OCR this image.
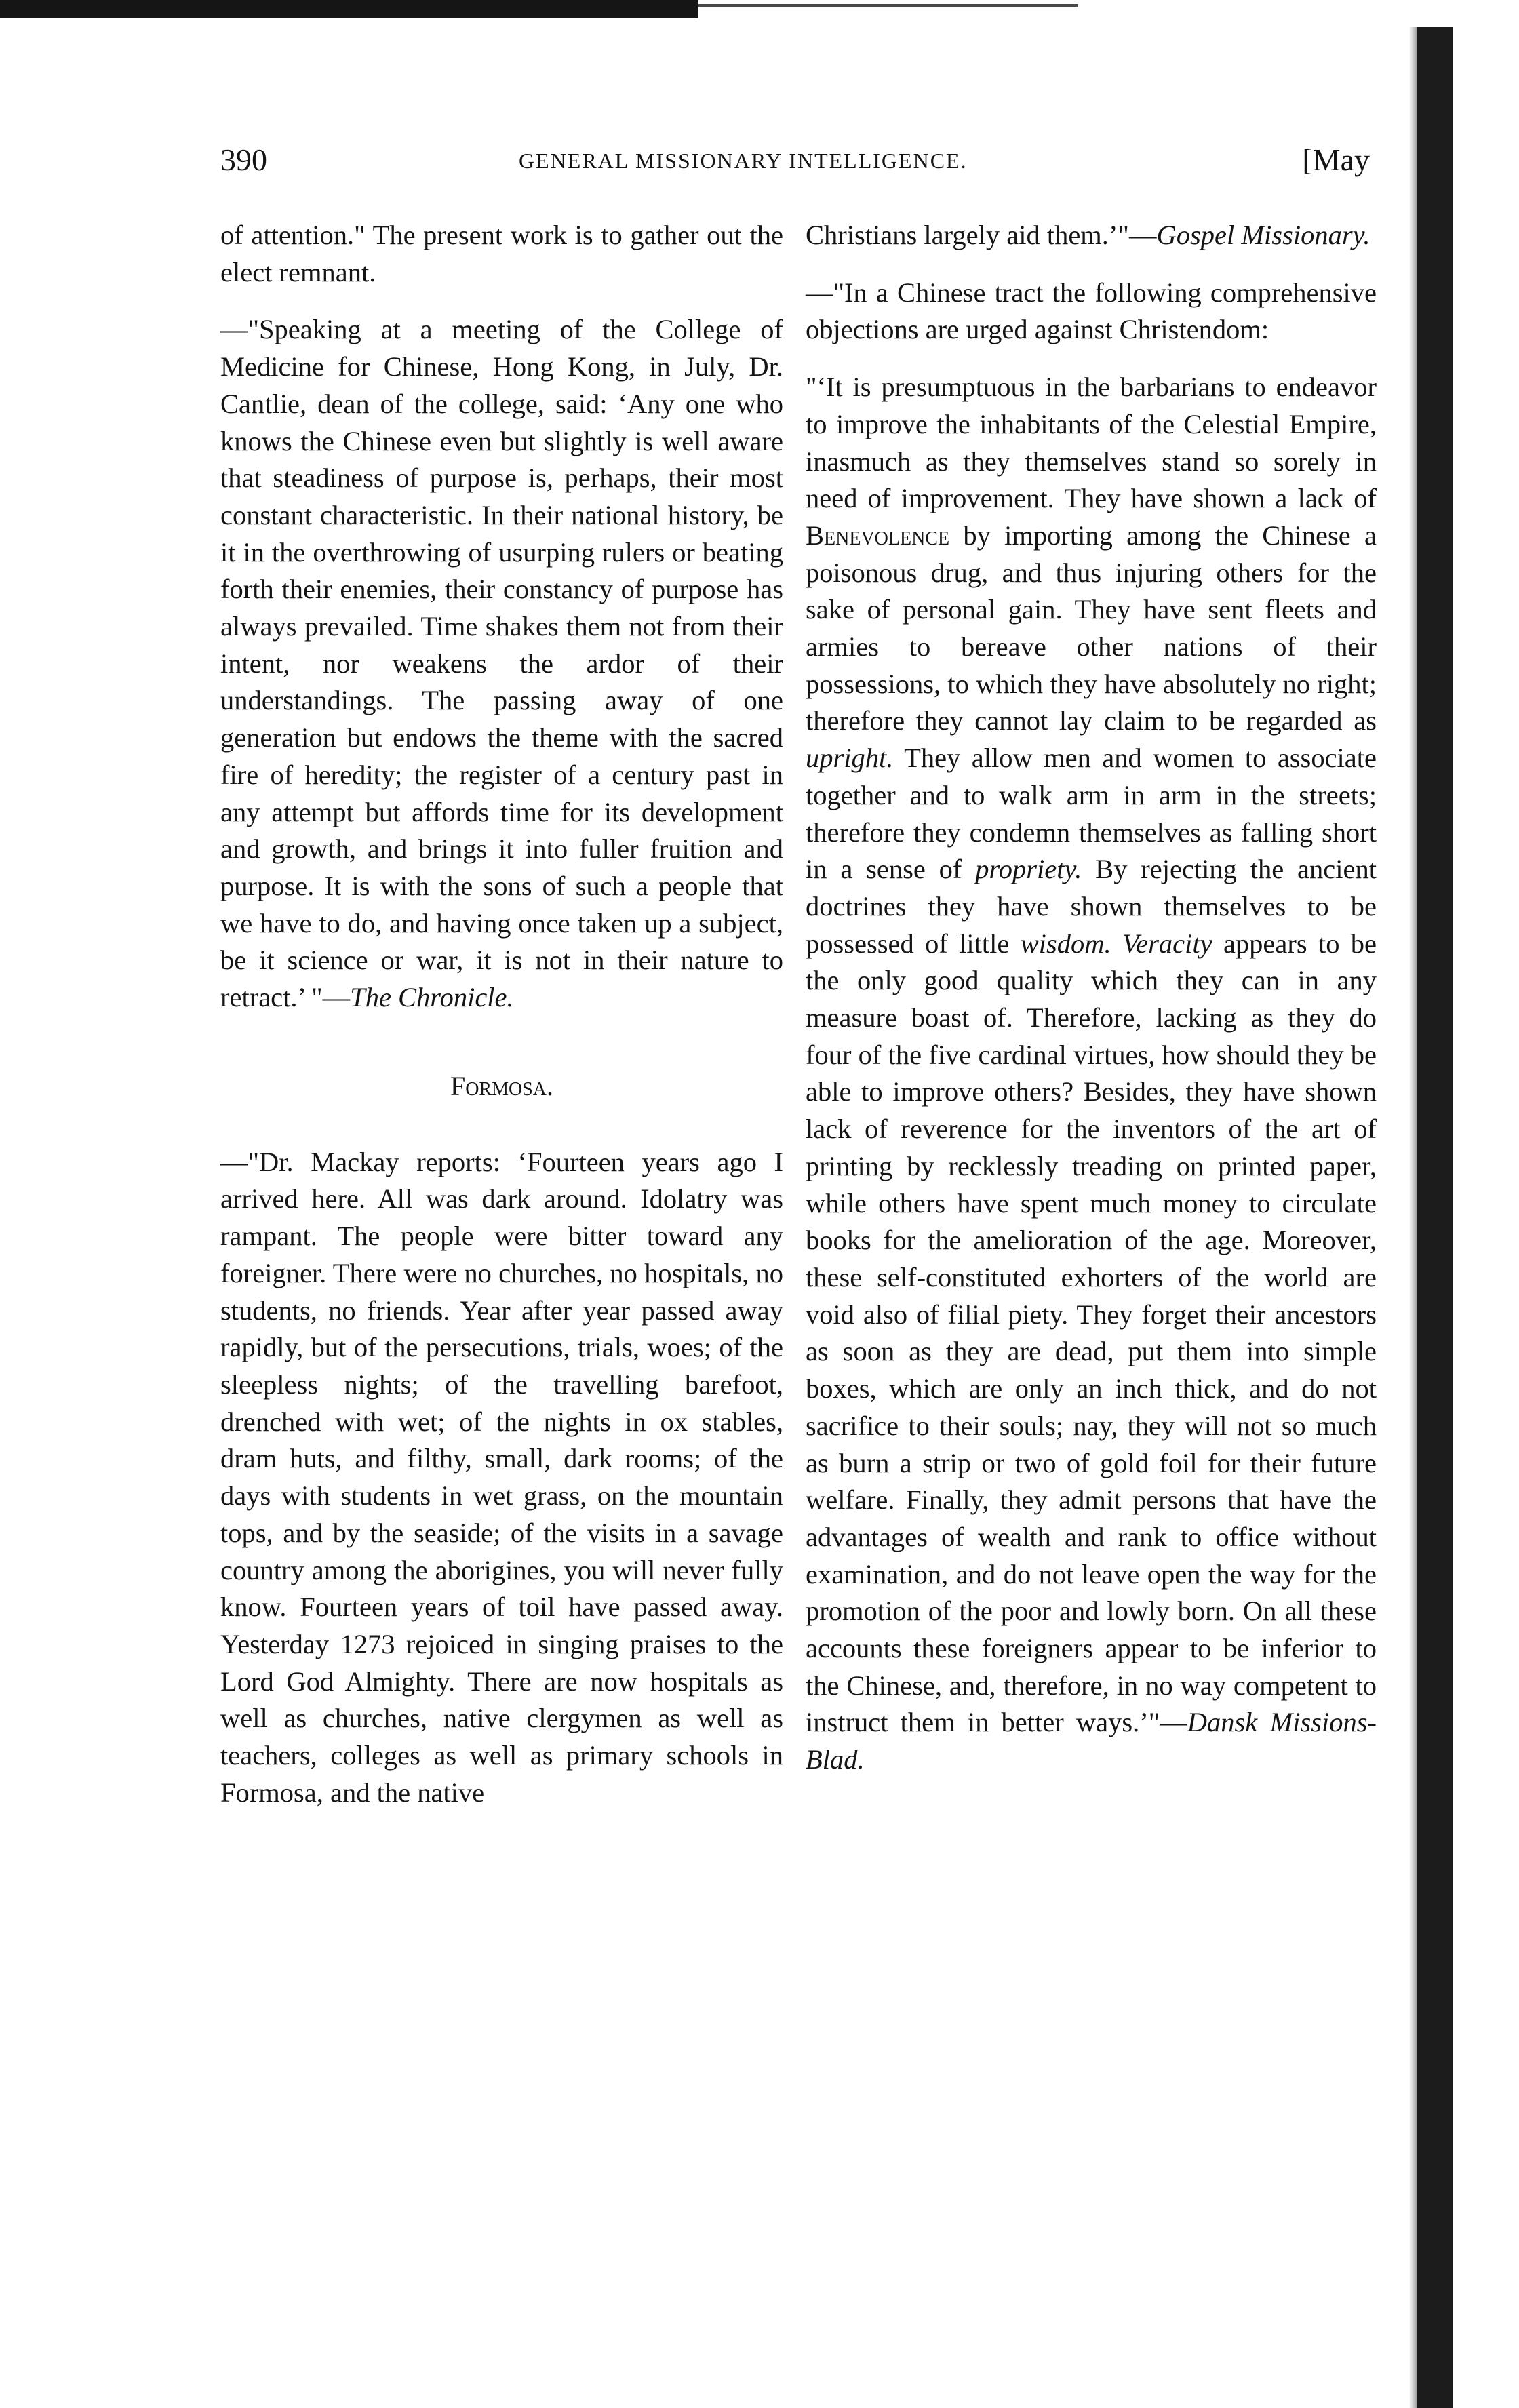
390	GENERAL MISSIONARY INTELLIGENCE.	[May

of attention." The present work is to gather out the elect remnant.

—"Speaking at a meeting of the College of Medicine for Chinese, Hong Kong, in July, Dr. Cantlie, dean of the college, said: ‘Any one who knows the Chinese even but slightly is well aware that steadiness of purpose is, perhaps, their most constant characteristic. In their national history, be it in the overthrowing of usurping rulers or beating forth their enemies, their constancy of purpose has always prevailed. Time shakes them not from their intent, nor weakens the ardor of their understandings. The passing away of one generation but endows the theme with the sacred fire of heredity; the register of a century past in any attempt but affords time for its development and growth, and brings it into fuller fruition and purpose. It is with the sons of such a people that we have to do, and having once taken up a subject, be it science or war, it is not in their nature to retract.’ "—The Chronicle.

Formosa.

—"Dr. Mackay reports: ‘Fourteen years ago I arrived here. All was dark around. Idolatry was rampant. The people were bitter toward any foreigner. There were no churches, no hospitals, no students, no friends. Year after year passed away rapidly, but of the persecutions, trials, woes; of the sleepless nights; of the travelling barefoot, drenched with wet; of the nights in ox stables, dram huts, and filthy, small, dark rooms; of the days with students in wet grass, on the mountain tops, and by the seaside; of the visits in a savage country among the aborigines, you will never fully know. Fourteen years of toil have passed away. Yesterday 1273 rejoiced in singing praises to the Lord God Almighty. There are now hospitals as well as churches, native clergymen as well as teachers, colleges as well as primary schools in Formosa, and the native

Christians largely aid them.’"—Gospel Missionary.

—"In a Chinese tract the following comprehensive objections are urged against Christendom:

"‘It is presumptuous in the barbarians to endeavor to improve the inhabitants of the Celestial Empire, inasmuch as they themselves stand so sorely in need of improvement. They have shown a lack of Benevolence by importing among the Chinese a poisonous drug, and thus injuring others for the sake of personal gain. They have sent fleets and armies to bereave other nations of their possessions, to which they have absolutely no right; therefore they cannot lay claim to be regarded as upright. They allow men and women to associate together and to walk arm in arm in the streets; therefore they condemn themselves as falling short in a sense of propriety. By rejecting the ancient doctrines they have shown themselves to be possessed of little wisdom. Veracity appears to be the only good quality which they can in any measure boast of. Therefore, lacking as they do four of the five cardinal virtues, how should they be able to improve others? Besides, they have shown lack of reverence for the inventors of the art of printing by recklessly treading on printed paper, while others have spent much money to circulate books for the amelioration of the age. Moreover, these self-constituted exhorters of the world are void also of filial piety. They forget their ancestors as soon as they are dead, put them into simple boxes, which are only an inch thick, and do not sacrifice to their souls; nay, they will not so much as burn a strip or two of gold foil for their future welfare. Finally, they admit persons that have the advantages of wealth and rank to office without examination, and do not leave open the way for the promotion of the poor and lowly born. On all these accounts these foreigners appear to be inferior to the Chinese, and, therefore, in no way competent to instruct them in better ways.’"—Dansk Missions-Blad.
